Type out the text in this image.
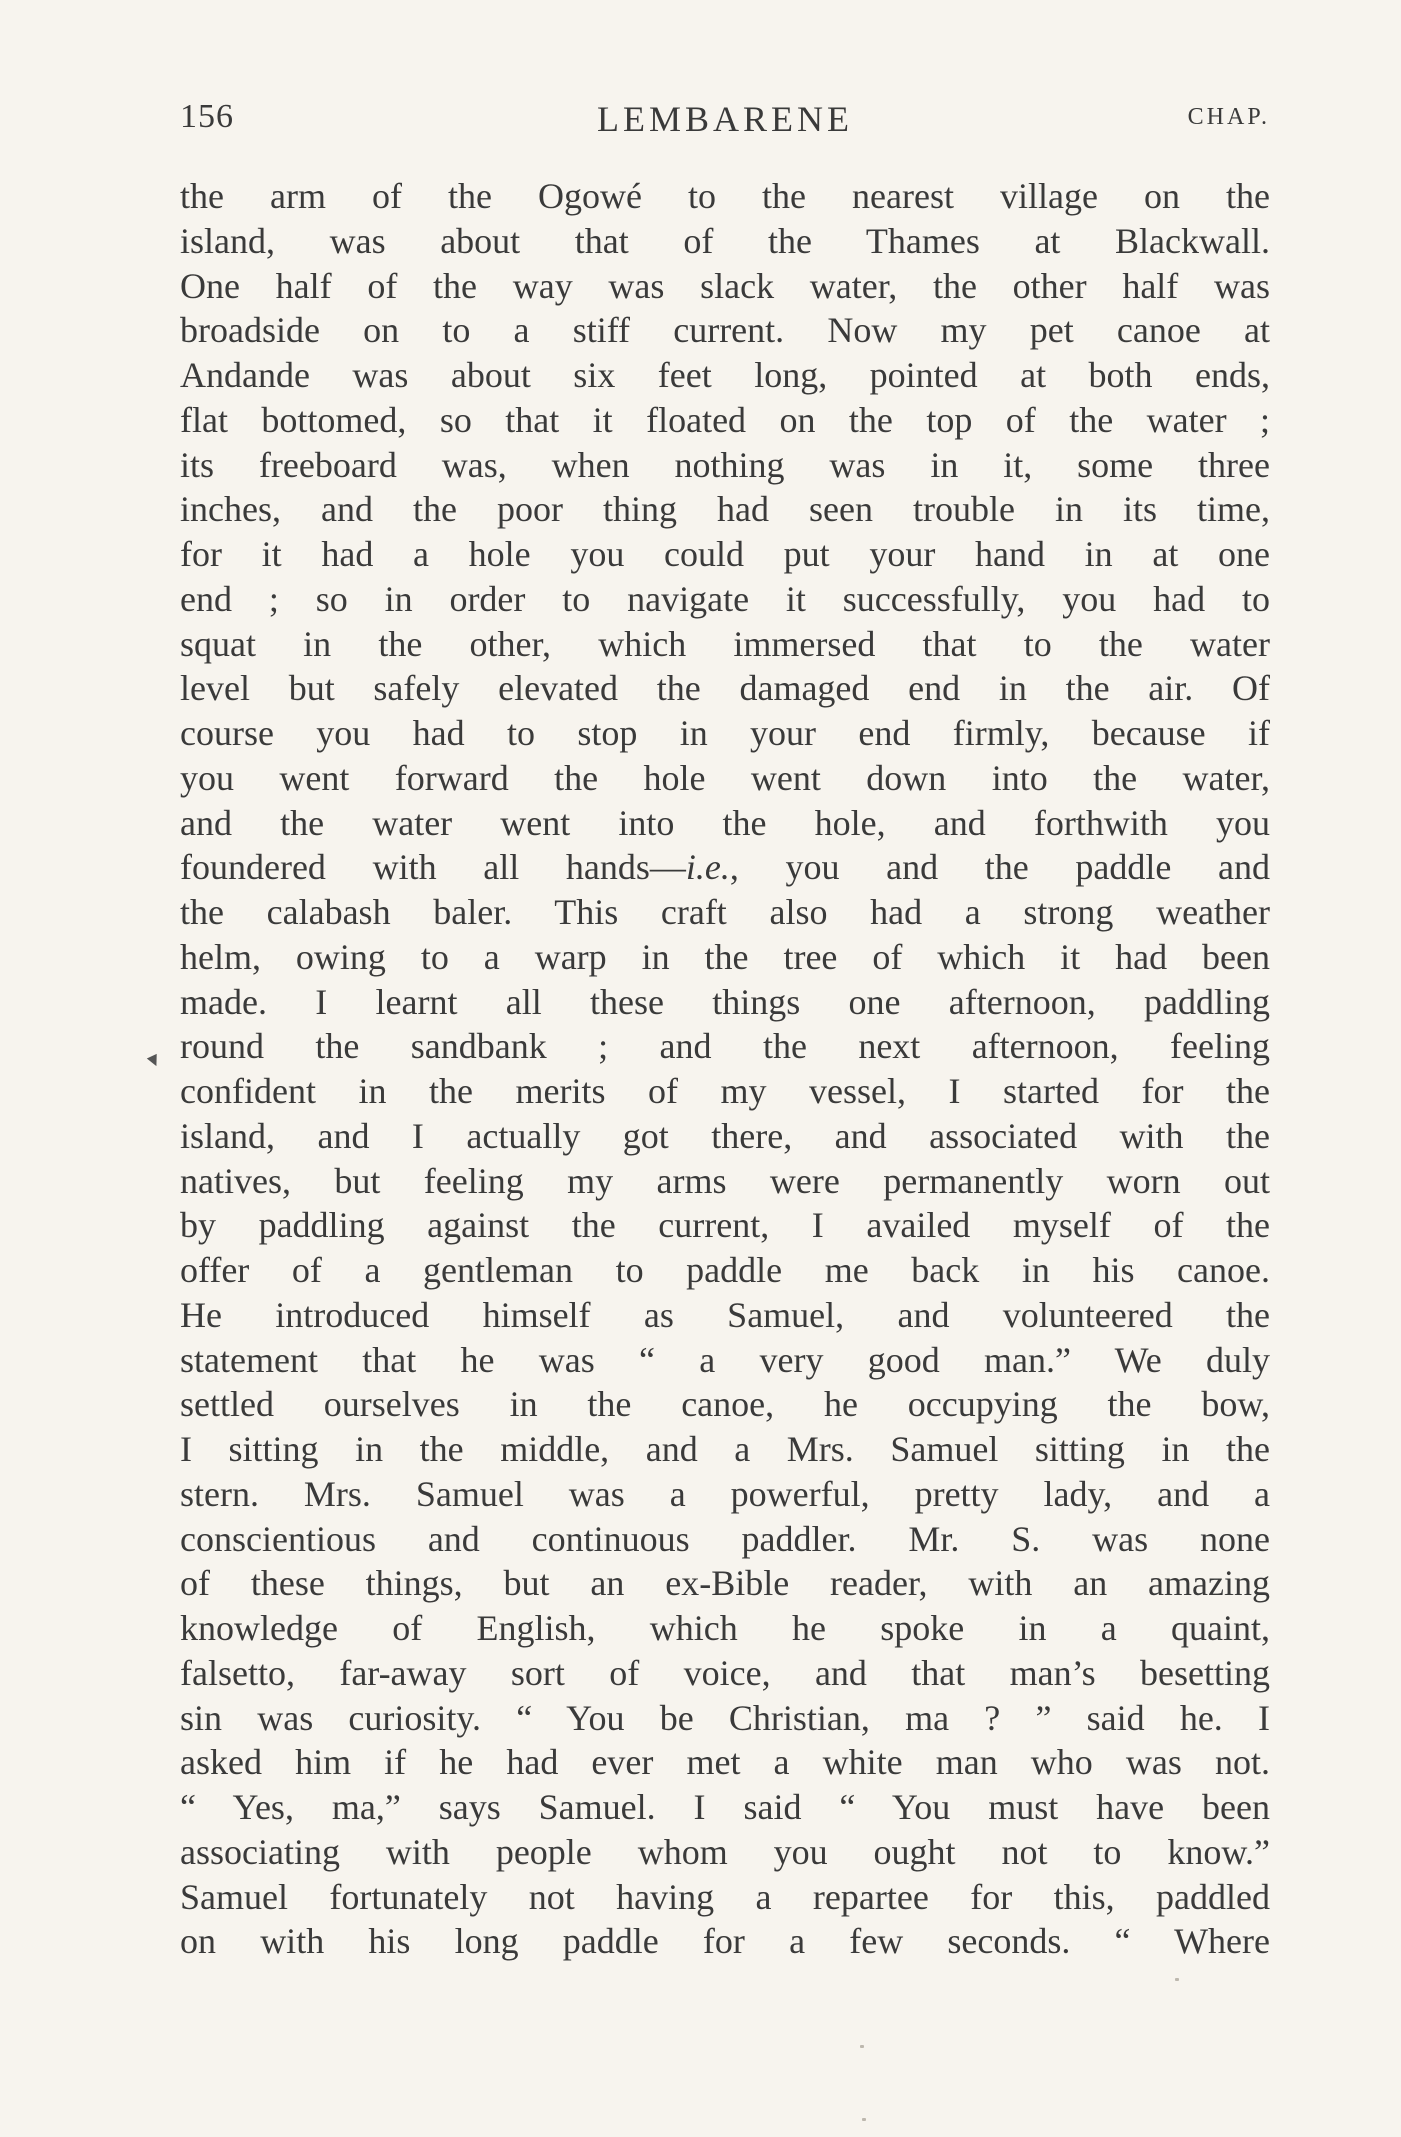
156	LEMBARENE	CHAP.
the arm of the Ogowé to the nearest village on the
island, was about that of the Thames at Blackwall.
One half of the way was slack water, the other half was
broadside on to a stiff current. Now my pet canoe at
Andande was about six feet long, pointed at both ends,
flat bottomed, so that it floated on the top of the water ;
its freeboard was, when nothing was in it, some three
inches, and the poor thing had seen trouble in its time,
for it had a hole you could put your hand in at one
end ; so in order to navigate it successfully, you had to
squat in the other, which immersed that to the water
level but safely elevated the damaged end in the air. Of
course you had to stop in your end firmly, because if
you went forward the hole went down into the water,
and the water went into the hole, and forthwith you
foundered with all hands—i.e., you and the paddle and
the calabash baler. This craft also had a strong weather
helm, owing to a warp in the tree of which it had been
made. I learnt all these things one afternoon, paddling
round the sandbank ; and the next afternoon, feeling
confident in the merits of my vessel, I started for the
island, and I actually got there, and associated with the
natives, but feeling my arms were permanently worn out
by paddling against the current, I availed myself of the
offer of a gentleman to paddle me back in his canoe.
He introduced himself as Samuel, and volunteered the
statement that he was “ a very good man.” We duly
settled ourselves in the canoe, he occupying the bow,
I sitting in the middle, and a Mrs. Samuel sitting in the
stern. Mrs. Samuel was a powerful, pretty lady, and a
conscientious and continuous paddler. Mr. S. was none
of these things, but an ex-Bible reader, with an amazing
knowledge of English, which he spoke in a quaint,
falsetto, far-away sort of voice, and that man’s besetting
sin was curiosity. “ You be Christian, ma ? ” said he. I
asked him if he had ever met a white man who was not.
“ Yes, ma,” says Samuel. I said “ You must have been
associating with people whom you ought not to know.”
Samuel fortunately not having a repartee for this, paddled
on with his long paddle for a few seconds. “ Where
▾
